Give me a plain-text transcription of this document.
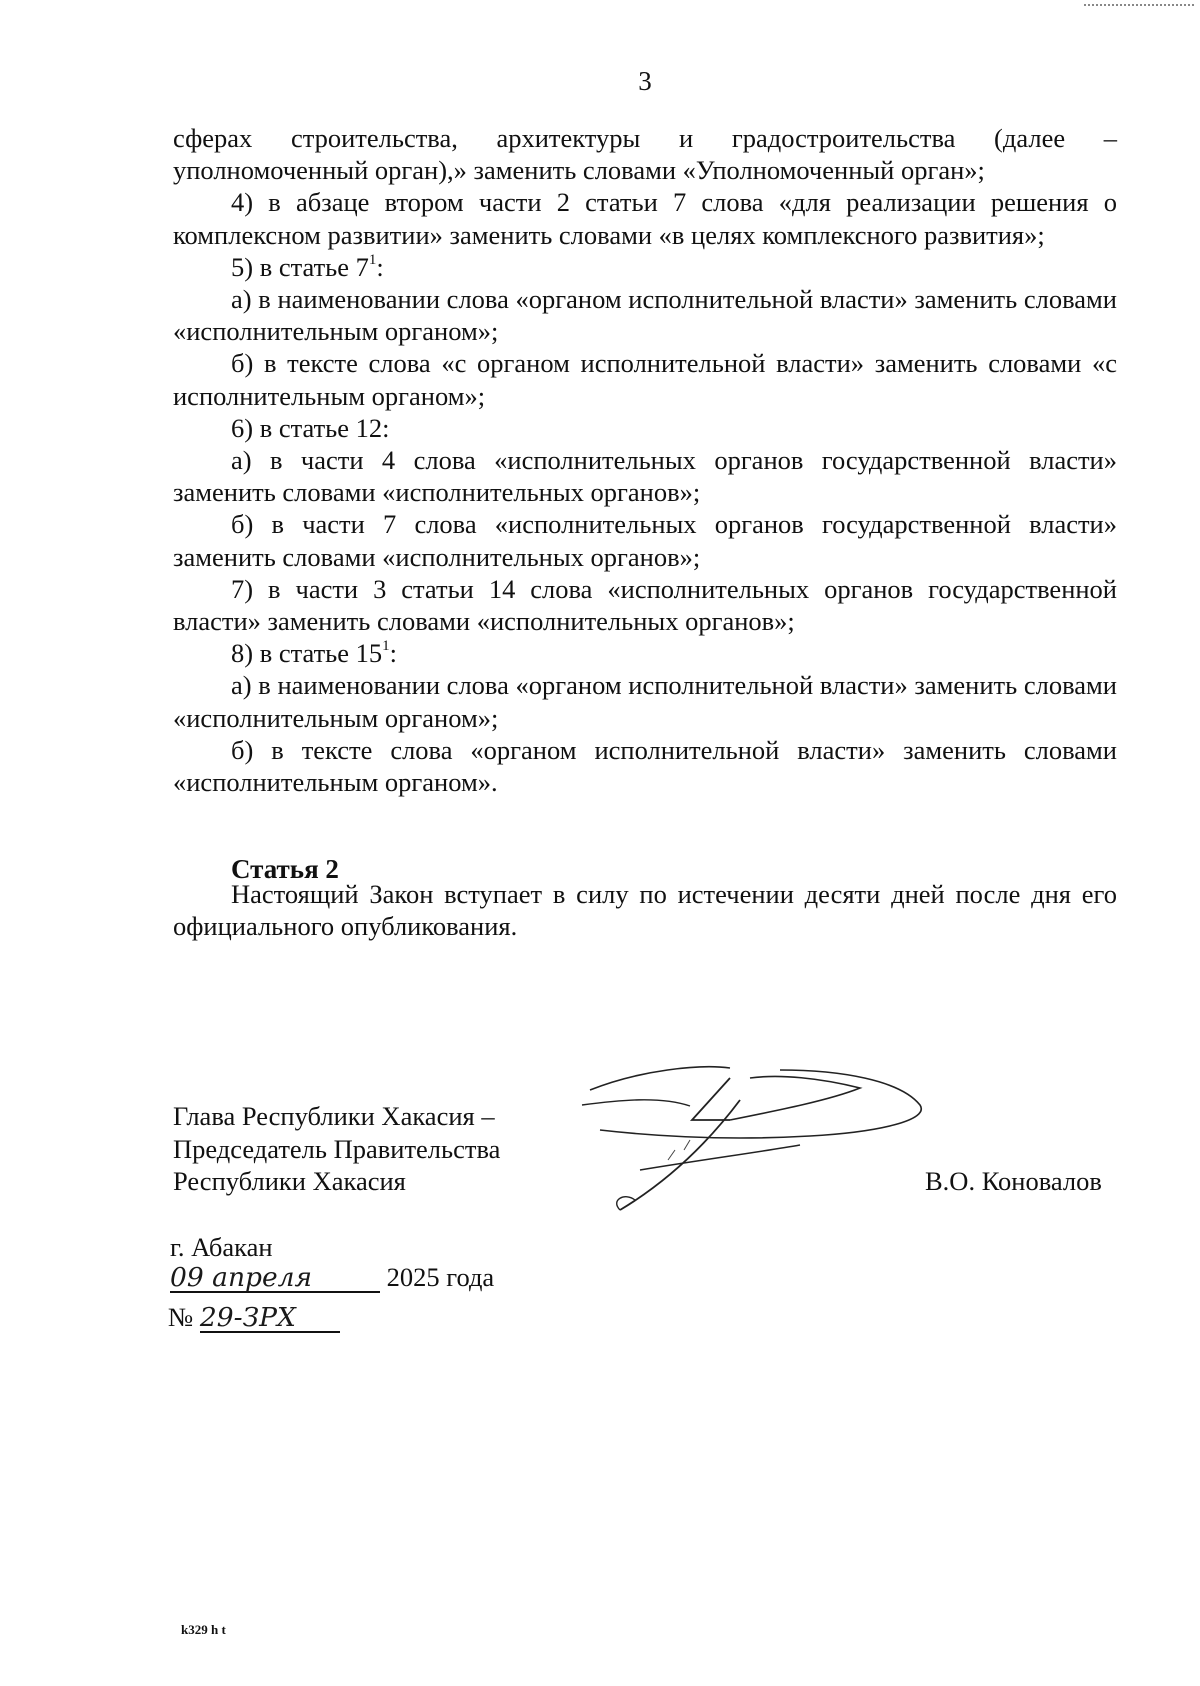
3

сферах строительства, архитектуры и градостроительства (далее – уполномоченный орган),» заменить словами «Уполномоченный орган»;

4) в абзаце втором части 2 статьи 7 слова «для реализации решения о комплексном развитии» заменить словами «в целях комплексного развития»;

5) в статье $7^1$:

а) в наименовании слова «органом исполнительной власти» заменить словами «исполнительным органом»;

б) в тексте слова «с органом исполнительной власти» заменить словами «с исполнительным органом»;

6) в статье 12:

а) в части 4 слова «исполнительных органов государственной власти» заменить словами «исполнительных органов»;

б) в части 7 слова «исполнительных органов государственной власти» заменить словами «исполнительных органов»;

7) в части 3 статьи 14 слова «исполнительных органов государственной власти» заменить словами «исполнительных органов»;

8) в статье $15^1$:

а) в наименовании слова «органом исполнительной власти» заменить словами «исполнительным органом»;

б) в тексте слова «органом исполнительной власти» заменить словами «исполнительным органом».

Статья 2

Настоящий Закон вступает в силу по истечении десяти дней после дня его официального опубликования.

Глава Республики Хакасия –
Председатель Правительства
Республики Хакасия	В.О. Коновалов
г. Абакан
09 апреля	2025 года
№ 29-ЗРХ
k329 h t
